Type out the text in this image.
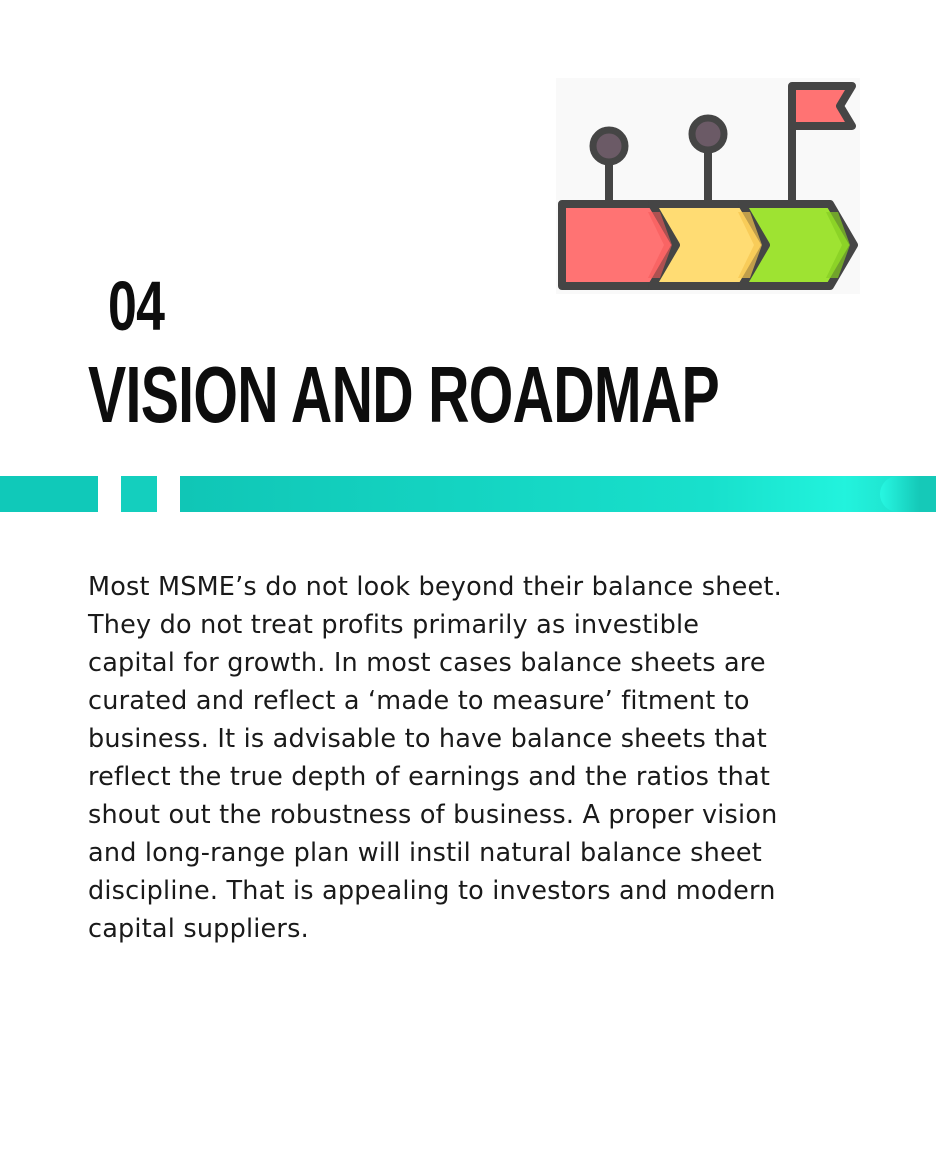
04
VISION AND ROADMAP

Most MSME’s do not look beyond their balance sheet.
They do not treat profits primarily as investible
capital for growth. In most cases balance sheets are
curated and reflect a ‘made to measure’ fitment to
business. It is advisable to have balance sheets that
reflect the true depth of earnings and the ratios that
shout out the robustness of business. A proper vision
and long-range plan will instil natural balance sheet
discipline. That is appealing to investors and modern
capital suppliers.
